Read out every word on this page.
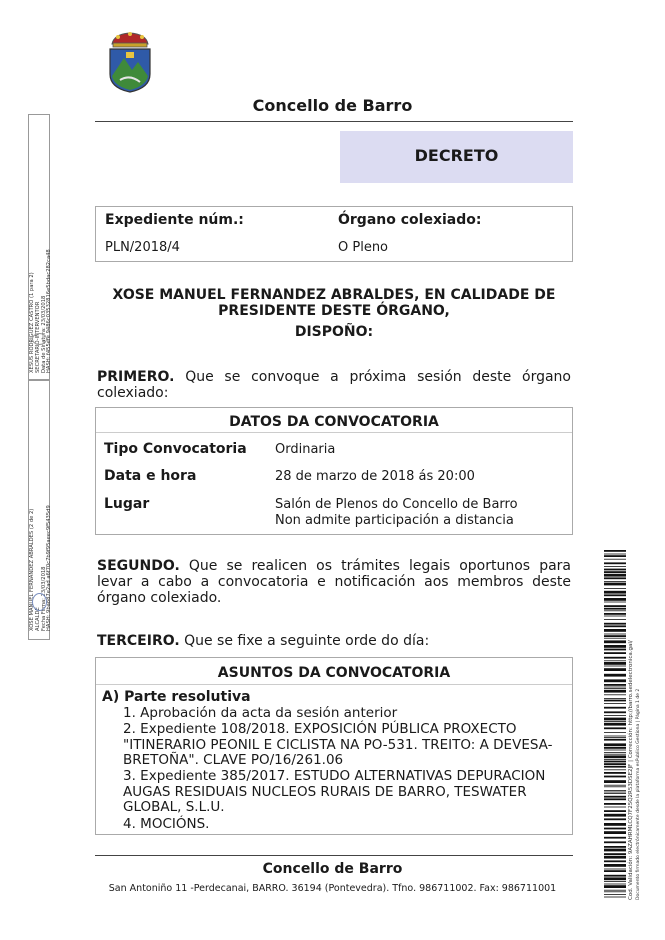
Concello de Barro
DECRETO
Expediente núm.:
PLN/2018/4
Órgano colexiado:
O Pleno
XOSE MANUEL FERNANDEZ ABRALDES, EN CALIDADE DE
PRESIDENTE DESTE ÓRGANO,
DISPOÑO:
PRIMERO. Que se convoque a próxima sesión deste órgano colexiado:
DATOS DA CONVOCATORIA
Tipo Convocatoria Ordinaria
Data e hora	28 de marzo de 2018 ás 20:00
Lugar	Salón de Plenos do Concello de Barro
Non admite participación a distancia
SEGUNDO. Que se realicen os trámites legais oportunos para levar a cabo a convocatoria e notificación aos membros deste órgano colexiado.
TERCEIRO. Que se fixe a seguinte orde do día:
ASUNTOS DA CONVOCATORIA
A) Parte resolutiva
1. Aprobación da acta da sesión anterior
2. Expediente 108/2018. EXPOSICIÓN PÚBLICA PROXECTO "ITINERARIO PEONIL E CICLISTA NA PO-531. TREITO: A DEVESA-BRETOÑA". CLAVE PO/16/261.06
3. Expediente 385/2017. ESTUDO ALTERNATIVAS DEPURACION AUGAS RESIDUAIS NUCLEOS RURAIS DE BARRO, TESWATER GLOBAL, S.L.U.
4. MOCIÓNS.
Concello de Barro
San Antoniño 11 -Perdecanai, BARRO. 36194 (Pontevedra). Tfno. 986711002. Fax: 986711001
XESUS RODRIGUEZ CASTRO (1 para 2) SECRETARIO-INTERVENTOR Data de Sinatura: 23/03/2018 HASH: f455efe 9486c03532816e5bdac282ca48
XOSE MANUEL FERNANDEZ ABRALDES (2 de 2) ALCALDE Fecha Firma: 23/03/2018 HASH: 9ba887e2ad a6f70c7b9f95aeec9f5435d9
Cod. Validación: 9AZAHRMLCQ7F25Q2R53DSE2JF | Corrección: http://barro.sedelectronica.gal/ Documento firmado electrónicamente desde la plataforma esPublico Gestiona | Página 1 de 2
